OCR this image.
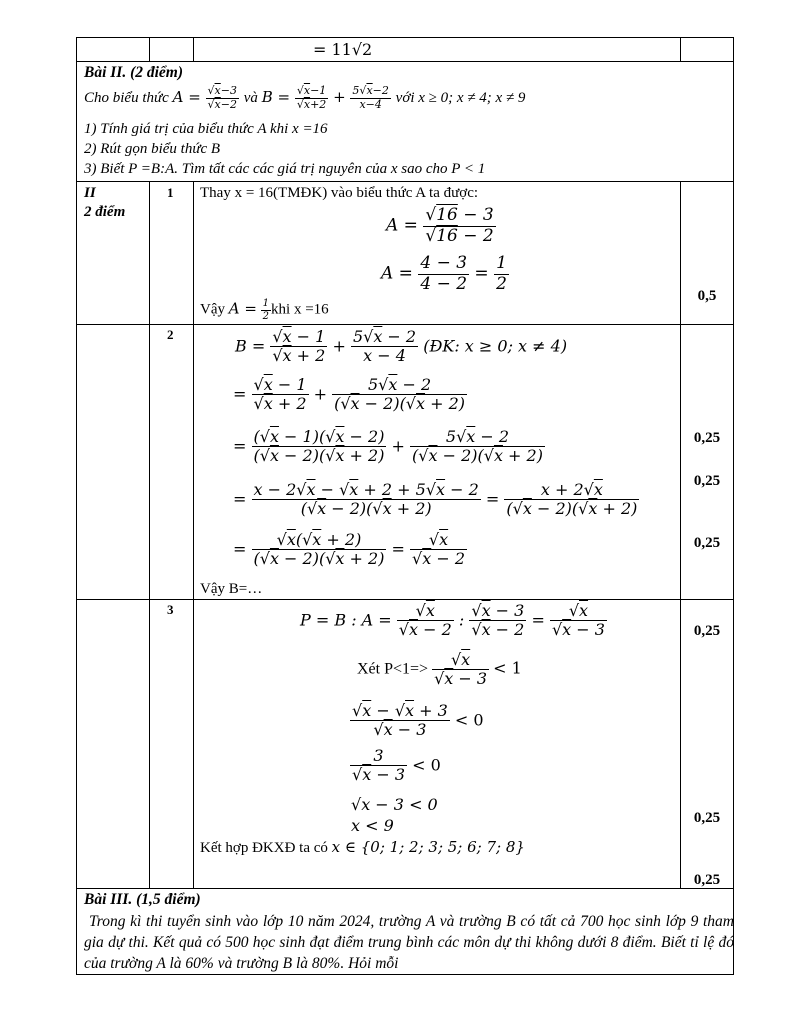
= 11√2
Bài II. (2 điểm)
Cho biểu thức $A = \frac{√x-3}{√x-2}$ và $B = \frac{√x-1}{√x+2} + \frac{5√x-2}{x-4}$ với x ≥ 0; x ≠ 4; x ≠ 9
1) Tính giá trị của biểu thức A khi x =16
2) Rút gọn biểu thức B
3) Biết P =B:A. Tìm tất các các giá trị nguyên của x sao cho P < 1
II
2 điểm
1 Thay x = 16(TMĐK) vào biểu thức A ta được:
$A = \frac{√16 - 3}{√16 - 2}$
$A = \frac{4 - 3}{4 - 2} = \frac{1}{2}$
Vậy $A = \frac{1}{2}$ khi x =16
0,5
2
$B = \frac{√x - 1}{√x + 2} + \frac{5√x - 2}{x - 4}$ (ĐK: x ≥ 0; x ≠ 4)
= $\frac{√x - 1}{√x + 2} + \frac{5√x - 2}{(√x - 2)(√x + 2)}$
= $\frac{(√x - 1)(√x - 2)}{(√x - 2)(√x + 2)} + \frac{5√x - 2}{(√x - 2)(√x + 2)}$
= $\frac{x - 2√x - √x + 2 + 5√x - 2}{(√x - 2)(√x + 2)} = \frac{x + 2√x}{(√x - 2)(√x + 2)}$
= $\frac{√x(√x + 2)}{(√x - 2)(√x + 2)} = \frac{√x}{√x - 2}$
Vậy B=…
0,25
0,25
0,25
3
P = B : $A = \frac{√x}{√x - 2}$ : $\frac{√x - 3}{√x - 2} = \frac{√x}{√x - 3}$
Xét $P<1=> \frac{√x}{√x - 3} < 1$
$\frac{√x - √x + 3}{√x - 3} < 0$
$\frac{3}{√x - 3} < 0$
√x − 3 < 0
x < 9
Kết hợp ĐKXĐ ta có x ∈ {0; 1; 2; 3; 5; 6; 7; 8}
0,25
0,25
0,25
Bài III. (1,5 điểm)
Trong kì thi tuyển sinh vào lớp 10 năm 2024, trường A và trường B có tất cả 700 học sinh lớp 9 tham gia dự thi. Kết quả có 500 học sinh đạt điểm trung bình các môn dự thi không dưới 8 điểm. Biết tỉ lệ đó của trường A là 60% và trường B là 80%. Hỏi mỗi
